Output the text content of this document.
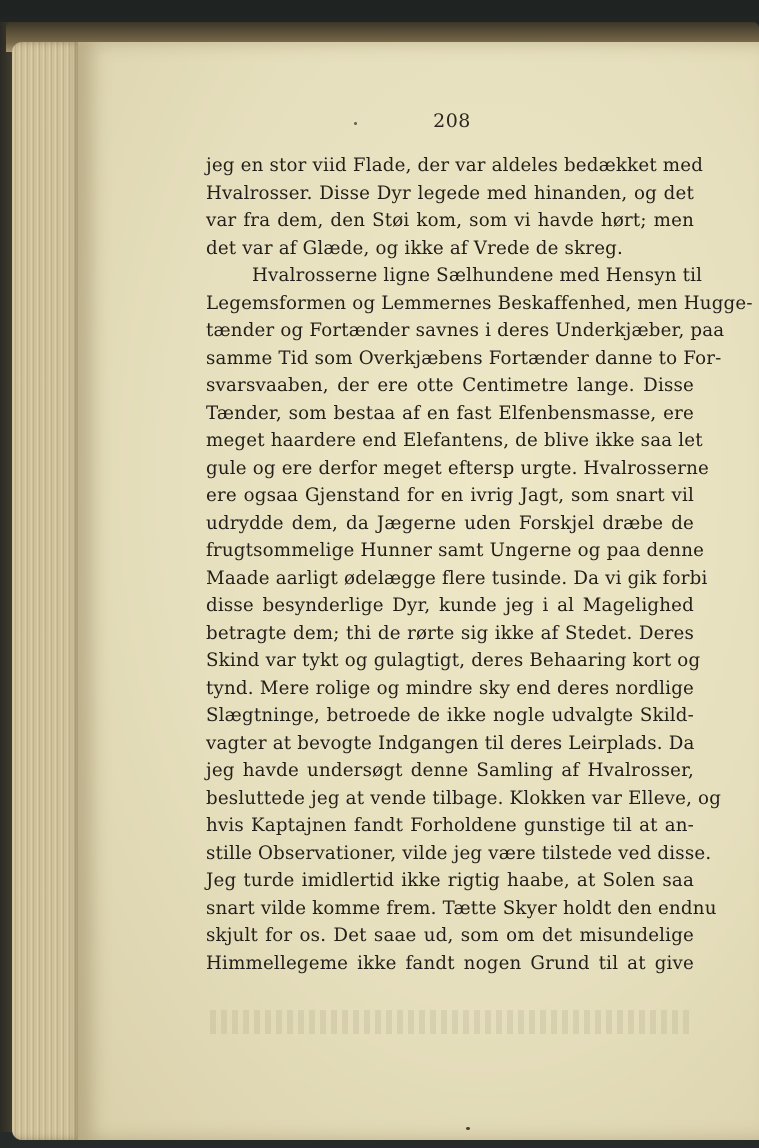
208
jeg en stor viid Flade, der var aldeles bedækket med
Hvalrosser. Disse Dyr legede med hinanden, og det
var fra dem, den Støi kom, som vi havde hørt; men
det var af Glæde, og ikke af Vrede de skreg.
Hvalrosserne ligne Sælhundene med Hensyn til
Legemsformen og Lemmernes Beskaffenhed, men Hugge-
tænder og Fortænder savnes i deres Underkjæber, paa
samme Tid som Overkjæbens Fortænder danne to For-
svarsvaaben, der ere otte Centimetre lange. Disse
Tænder, som bestaa af en fast Elfenbensmasse, ere
meget haardere end Elefantens, de blive ikke saa let
gule og ere derfor meget eftersp urgte. Hvalrosserne
ere ogsaa Gjenstand for en ivrig Jagt, som snart vil
udrydde dem, da Jægerne uden Forskjel dræbe de
frugtsommelige Hunner samt Ungerne og paa denne
Maade aarligt ødelægge flere tusinde. Da vi gik forbi
disse besynderlige Dyr, kunde jeg i al Magelighed
betragte dem; thi de rørte sig ikke af Stedet. Deres
Skind var tykt og gulagtigt, deres Behaaring kort og
tynd. Mere rolige og mindre sky end deres nordlige
Slægtninge, betroede de ikke nogle udvalgte Skild-
vagter at bevogte Indgangen til deres Leirplads. Da
jeg havde undersøgt denne Samling af Hvalrosser,
besluttede jeg at vende tilbage. Klokken var Elleve, og
hvis Kaptajnen fandt Forholdene gunstige til at an-
stille Observationer, vilde jeg være tilstede ved disse.
Jeg turde imidlertid ikke rigtig haabe, at Solen saa
snart vilde komme frem. Tætte Skyer holdt den endnu
skjult for os. Det saae ud, som om det misundelige
Himmellegeme ikke fandt nogen Grund til at give
